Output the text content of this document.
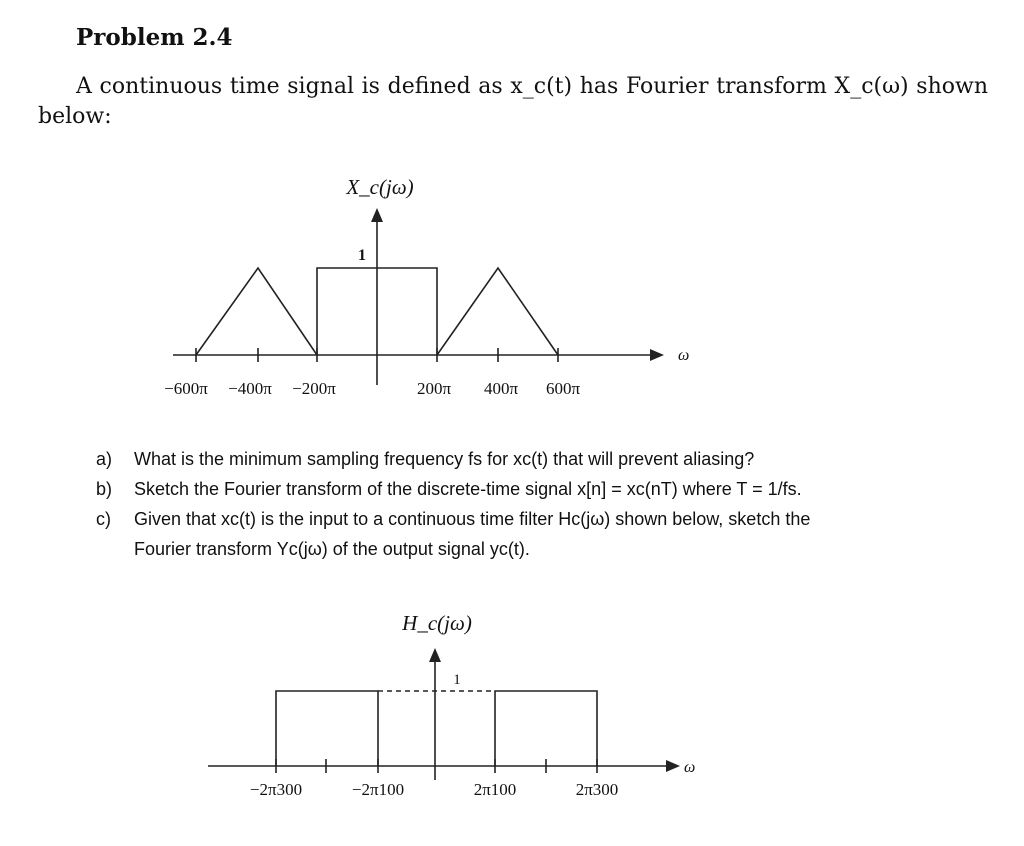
Problem 2.4
A continuous time signal is defined as x_c(t) has Fourier transform X_c(ω) shown
below:
X_c(jω)
1
ω
−600π −400π −200π	200π 400π 600π
a)	What is the minimum sampling frequency fs for xc(t) that will prevent aliasing?
b)	Sketch the Fourier transform of the discrete-time signal x[n] = xc(nT) where T = 1/fs.
c)	Given that xc(t) is the input to a continuous time filter Hc(jω) shown below, sketch the
Fourier transform Yc(jω) of the output signal yc(t).
H_c(jω)
1
ω
−2π300	−2π100	2π100	2π300
